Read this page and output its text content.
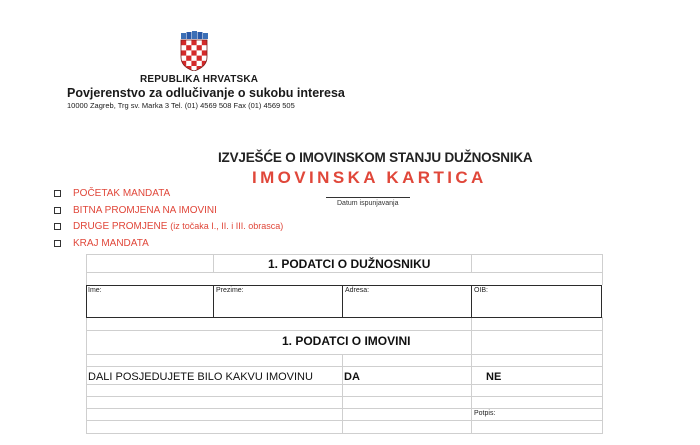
REPUBLIKA HRVATSKA
Povjerenstvo za odlučivanje o sukobu interesa
10000 Zagreb, Trg sv. Marka 3 Tel. (01) 4569 508 Fax (01) 4569 505
IZVJEŠĆE O IMOVINSKOM STANJU DUŽNOSNIKA
IMOVINSKA KARTICA
Datum ispunjavanja
POČETAK MANDATA
BITNA PROMJENA NA IMOVINI
DRUGE PROMJENE (iz točaka I., II. i III. obrasca)
KRAJ MANDATA
1. PODATCI O DUŽNOSNIKU
Ime:	Prezime:	Adresa:	OIB:
1. PODATCI O IMOVINI
DALI POSJEDUJETE BILO KAKVU IMOVINU	DA	NE
Potpis:
